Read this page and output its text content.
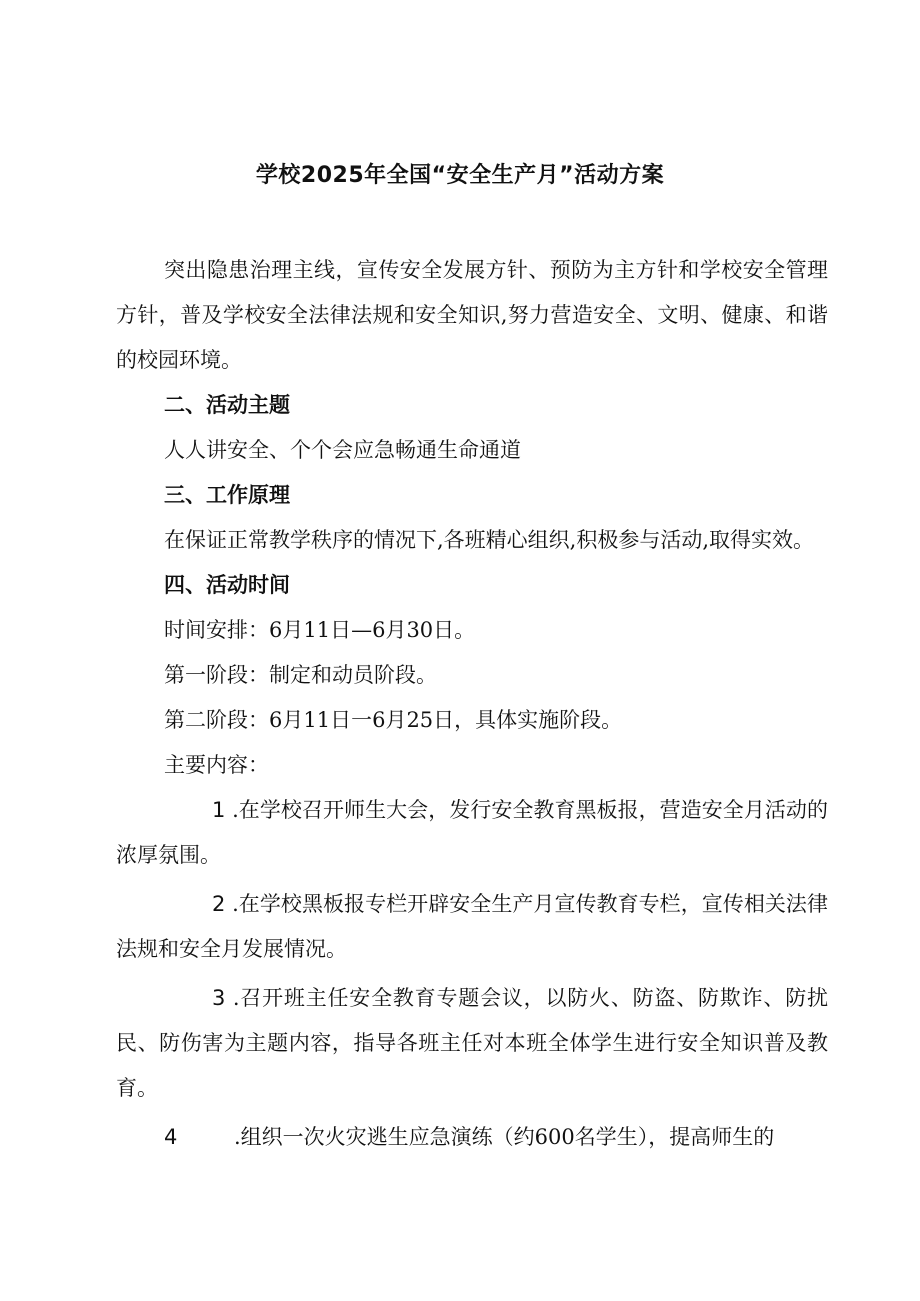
学校2025年全国“安全生产月”活动方案

突出隐患治理主线，宣传安全发展方针、预防为主方针和学校安全管理方针，普及学校安全法律法规和安全知识,努力营造安全、文明、健康、和谐的校园环境。

二、活动主题

人人讲安全、个个会应急畅通生命通道

三、工作原理

在保证正常教学秩序的情况下,各班精心组织,积极参与活动,取得实效。

四、活动时间

时间安排：6月11日—6月30日。

第一阶段：制定和动员阶段。

第二阶段：6月11日一6月25日，具体实施阶段。

主要内容：

1 .在学校召开师生大会，发行安全教育黑板报，营造安全月活动的浓厚氛围。

2 .在学校黑板报专栏开辟安全生产月宣传教育专栏，宣传相关法律法规和安全月发展情况。

3 .召开班主任安全教育专题会议，以防火、防盗、防欺诈、防扰民、防伤害为主题内容，指导各班主任对本班全体学生进行安全知识普及教育。

4	.组织一次火灾逃生应急演练（约600名学生），提高师生的
